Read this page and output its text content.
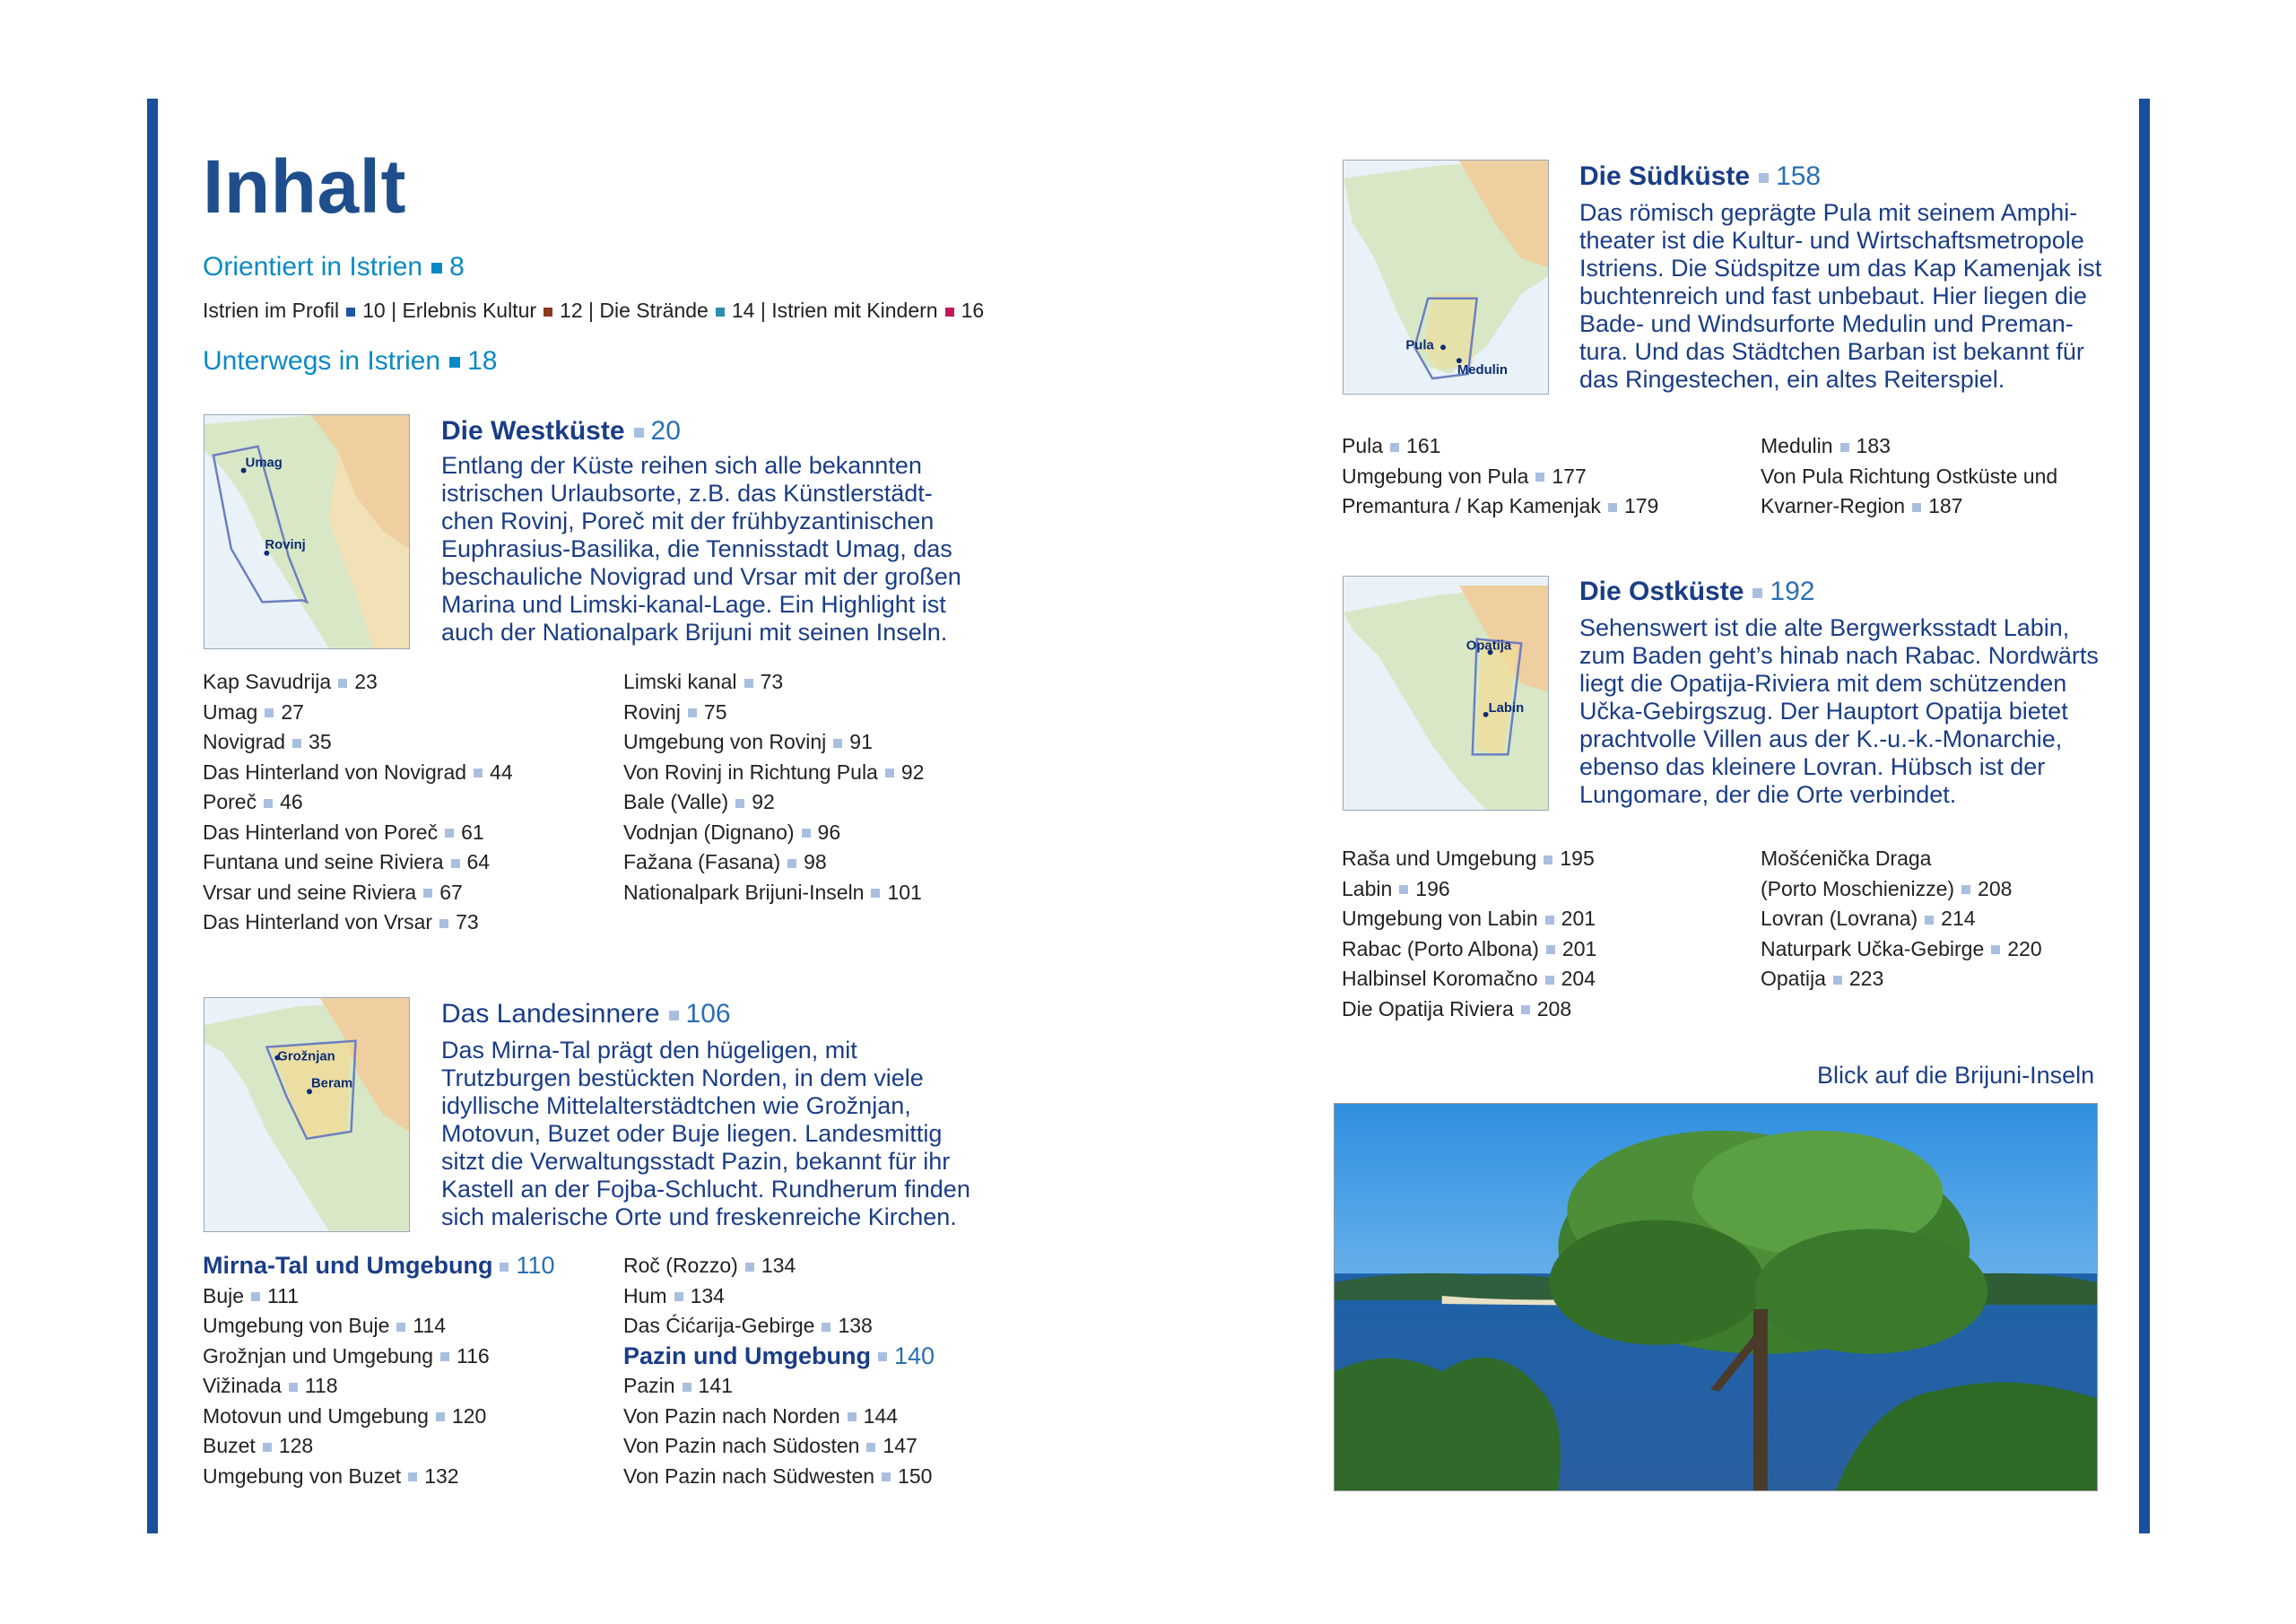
Inhalt
Orientiert in Istrien 8
Istrien im Profil 10 | Erlebnis Kultur 12 | Die Strände 14 | Istrien mit Kindern 16
Unterwegs in Istrien 18
Umag
Rovinj
Die Westküste 20
Entlang der Küste reihen sich alle bekannten
istrischen Urlaubsorte, z.B. das Künstlerstädt-
chen Rovinj, Poreč mit der frühbyzantinischen
Euphrasius-Basilika, die Tennisstadt Umag, das
beschauliche Novigrad und Vrsar mit der großen
Marina und Limski-kanal-Lage. Ein Highlight ist
auch der Nationalpark Brijuni mit seinen Inseln.
Kap Savudrija 23
Umag 27
Novigrad 35
Das Hinterland von Novigrad 44
Poreč 46
Das Hinterland von Poreč 61
Funtana und seine Riviera 64
Vrsar und seine Riviera 67
Das Hinterland von Vrsar 73
Limski kanal 73
Rovinj 75
Umgebung von Rovinj 91
Von Rovinj in Richtung Pula 92
Bale (Valle) 92
Vodnjan (Dignano) 96
Fažana (Fasana) 98
Nationalpark Brijuni-Inseln 101
Grožnjan
Beram
Das Landesinnere 106
Das Mirna-Tal prägt den hügeligen, mit
Trutzburgen bestückten Norden, in dem viele
idyllische Mittelalterstädtchen wie Grožnjan,
Motovun, Buzet oder Buje liegen. Landesmittig
sitzt die Verwaltungsstadt Pazin, bekannt für ihr
Kastell an der Fojba-Schlucht. Rundherum finden
sich malerische Orte und freskenreiche Kirchen.
Mirna-Tal und Umgebung 110
Buje 111
Umgebung von Buje 114
Grožnjan und Umgebung 116
Vižinada 118
Motovun und Umgebung 120
Buzet 128
Umgebung von Buzet 132
Roč (Rozzo) 134
Hum 134
Das Ćićarija-Gebirge 138
Pazin und Umgebung 140
Pazin 141
Von Pazin nach Norden 144
Von Pazin nach Südosten 147
Von Pazin nach Südwesten 150
Pula
Medulin
Die Südküste 158
Das römisch geprägte Pula mit seinem Amphi-
theater ist die Kultur- und Wirtschaftsmetropole
Istriens. Die Südspitze um das Kap Kamenjak ist
buchtenreich und fast unbebaut. Hier liegen die
Bade- und Windsurforte Medulin und Preman-
tura. Und das Städtchen Barban ist bekannt für
das Ringestechen, ein altes Reiterspiel.
Pula 161
Umgebung von Pula 177
Premantura / Kap Kamenjak 179
Medulin 183
Von Pula Richtung Ostküste und
Kvarner-Region 187
Opatija
Labin
Die Ostküste 192
Sehenswert ist die alte Bergwerksstadt Labin,
zum Baden geht’s hinab nach Rabac. Nordwärts
liegt die Opatija-Riviera mit dem schützenden
Učka-Gebirgszug. Der Hauptort Opatija bietet
prachtvolle Villen aus der K.-u.-k.-Monarchie,
ebenso das kleinere Lovran. Hübsch ist der
Lungomare, der die Orte verbindet.
Raša und Umgebung 195
Labin 196
Umgebung von Labin 201
Rabac (Porto Albona) 201
Halbinsel Koromačno 204
Die Opatija Riviera 208
Mošćenička Draga
(Porto Moschienizze) 208
Lovran (Lovrana) 214
Naturpark Učka-Gebirge 220
Opatija 223
Blick auf die Brijuni-Inseln
